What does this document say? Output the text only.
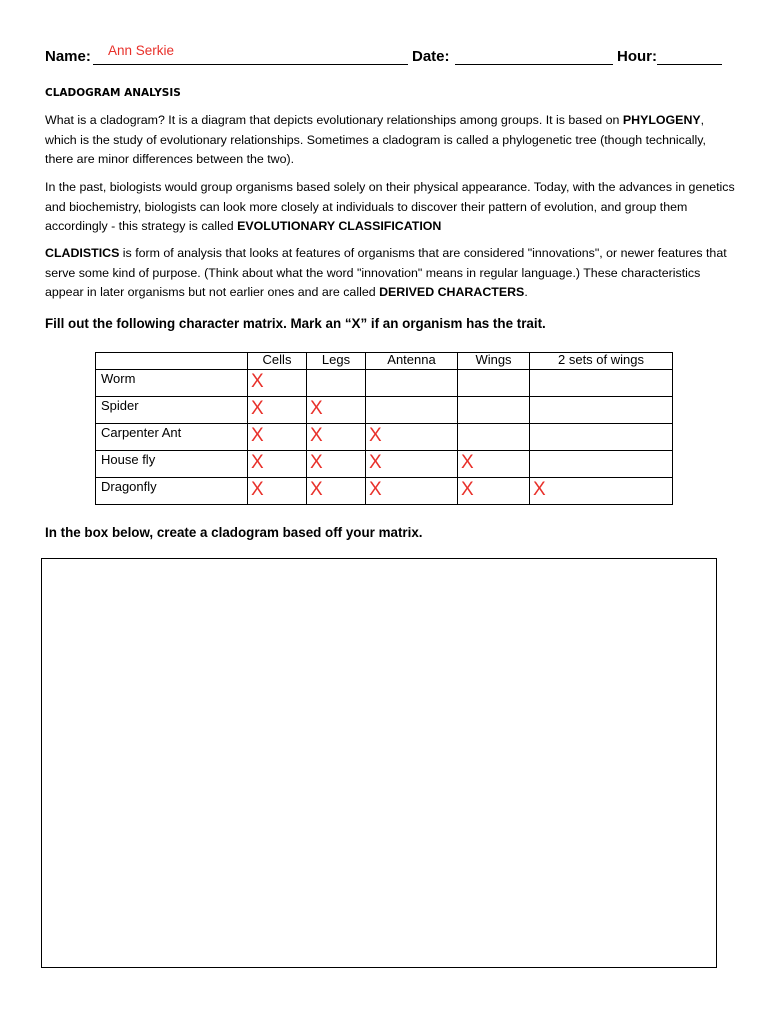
Name: Ann Serkie	Date:	Hour:
CLADOGRAM ANALYSIS
What is a cladogram? It is a diagram that depicts evolutionary relationships among groups. It is based on PHYLOGENY, which is the study of evolutionary relationships. Sometimes a cladogram is called a phylogenetic tree (though technically, there are minor differences between the two).
In the past, biologists would group organisms based solely on their physical appearance. Today, with the advances in genetics and biochemistry, biologists can look more closely at individuals to discover their pattern of evolution, and group them accordingly - this strategy is called EVOLUTIONARY CLASSIFICATION
CLADISTICS is form of analysis that looks at features of organisms that are considered "innovations", or newer features that serve some kind of purpose. (Think about what the word "innovation" means in regular language.) These characteristics appear in later organisms but not earlier ones and are called DERIVED CHARACTERS.
Fill out the following character matrix. Mark an “X” if an organism has the trait.
	Cells	Legs	Antenna	Wings	2 sets of wings
Worm	X				

Spider	X	X			

Carpenter Ant	X	X	X		

House fly	X	X	X	X	

Dragonfly	X	X	X	X	X
In the box below, create a cladogram based off your matrix.
